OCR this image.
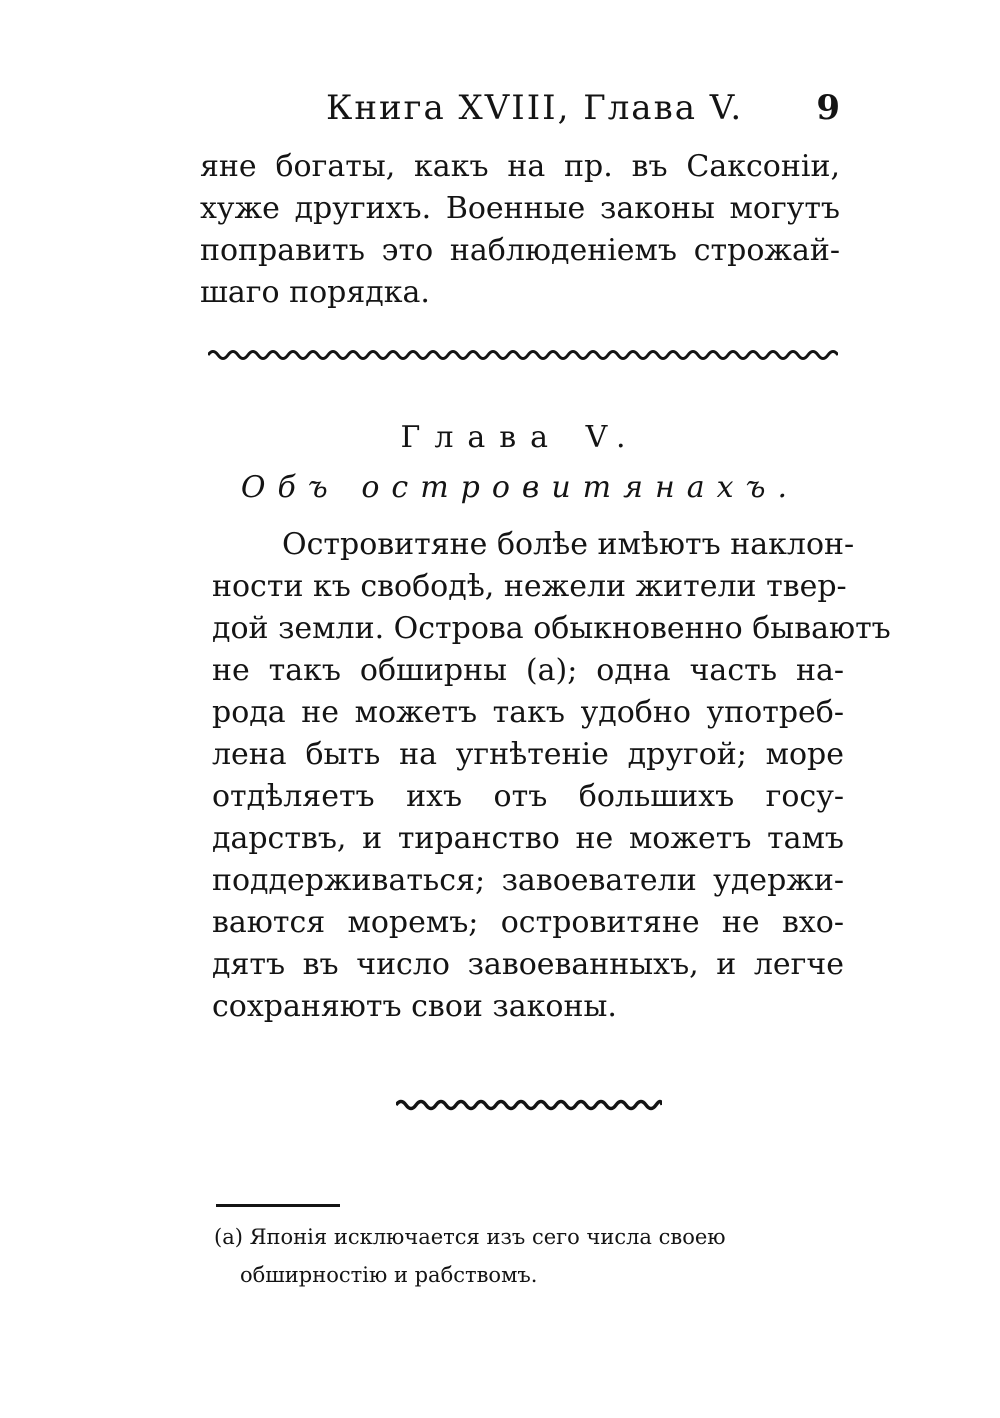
Книга XVIII, Глава V. 9
яне богаты, какъ на пр. въ Саксоніи,
хуже другихъ. Военные законы могутъ
поправить это наблюденіемъ строжай-
шаго порядка.
Глава V.
Объ островитянахъ.
Островитяне болѣе имѣютъ наклон-
ности къ свободѣ, нежели жители твер-
дой земли. Острова обыкновенно бываютъ
не такъ обширны (а); одна часть на-
рода не можетъ такъ удобно употреб-
лена быть на угнѣтеніе другой; море
отдѣляетъ ихъ отъ большихъ госу-
дарствъ, и тиранство не можетъ тамъ
поддерживаться; завоеватели удержи-
ваются моремъ; островитяне не вхо-
дятъ въ число завоеванныхъ, и легче
сохраняютъ свои законы.
(а) Японія исключается изъ сего числа своею
обширностію и рабствомъ.
